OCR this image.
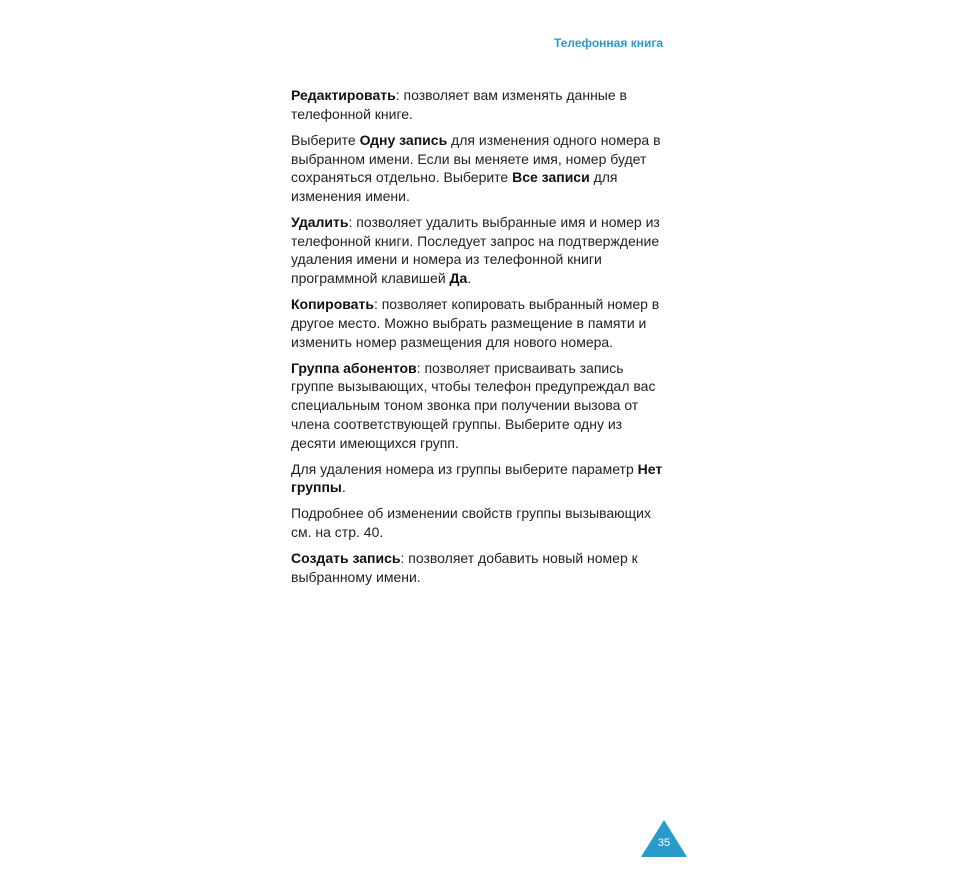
Телефонная книга

Редактировать: позволяет вам изменять данные в телефонной книге.

Выберите Одну запись для изменения одного номера в выбранном имени. Если вы меняете имя, номер будет сохраняться отдельно. Выберите Все записи для изменения имени.

Удалить: позволяет удалить выбранные имя и номер из телефонной книги. Последует запрос на подтверждение удаления имени и номера из телефонной книги программной клавишей Да.

Копировать: позволяет копировать выбранный номер в другое место. Можно выбрать размещение в памяти и изменить номер размещения для нового номера.

Группа абонентов: позволяет присваивать запись группе вызывающих, чтобы телефон предупреждал вас специальным тоном звонка при получении вызова от члена соответствующей группы. Выберите одну из десяти имеющихся групп.

Для удаления номера из группы выберите параметр Нет группы.

Подробнее об изменении свойств группы вызывающих см. на стр. 40.

Создать запись: позволяет добавить новый номер к выбранному имени.

35
